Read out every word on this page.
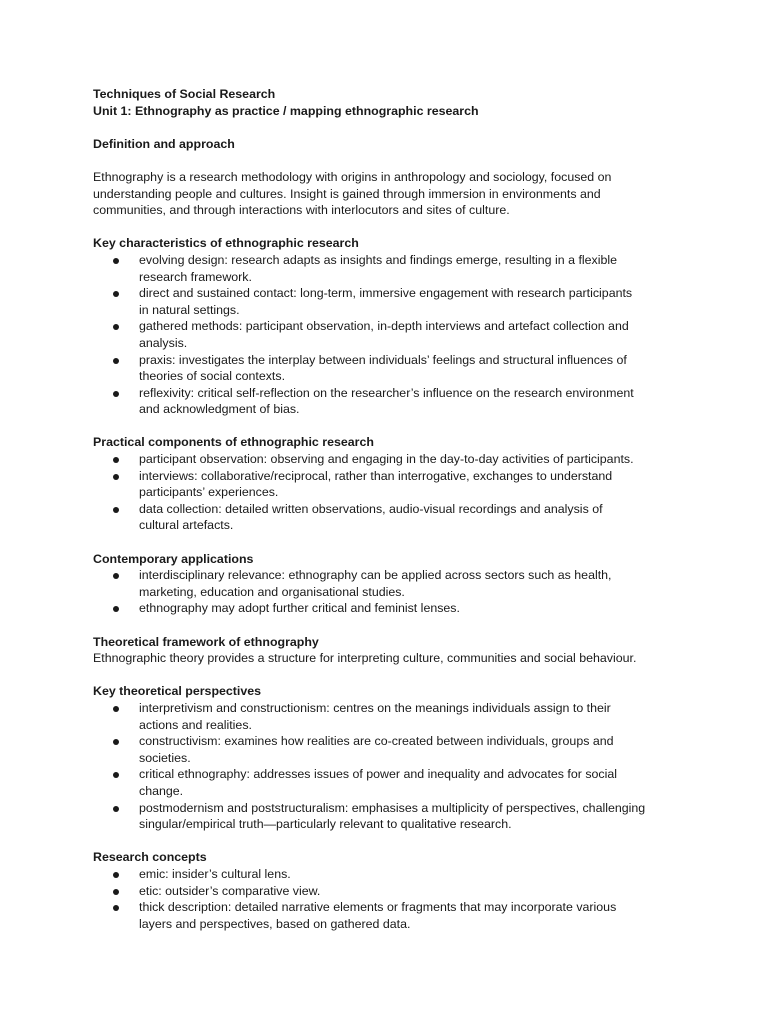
Techniques of Social Research

Unit 1: Ethnography as practice / mapping ethnographic research

Definition and approach

Ethnography is a research methodology with origins in anthropology and sociology, focused on

understanding people and cultures. Insight is gained through immersion in environments and

communities, and through interactions with interlocutors and sites of culture.

Key characteristics of ethnographic research

evolving design: research adapts as insights and findings emerge, resulting in a flexible
research framework.
direct and sustained contact: long-term, immersive engagement with research participants
in natural settings.
gathered methods: participant observation, in-depth interviews and artefact collection and
analysis.
praxis: investigates the interplay between individuals’ feelings and structural influences of
theories of social contexts.
reflexivity: critical self-reflection on the researcher’s influence on the research environment
and acknowledgment of bias.

Practical components of ethnographic research

participant observation: observing and engaging in the day-to-day activities of participants.
interviews: collaborative/reciprocal, rather than interrogative, exchanges to understand
participants’ experiences.
data collection: detailed written observations, audio-visual recordings and analysis of
cultural artefacts.

Contemporary applications

interdisciplinary relevance: ethnography can be applied across sectors such as health,
marketing, education and organisational studies.
ethnography may adopt further critical and feminist lenses.

Theoretical framework of ethnography

Ethnographic theory provides a structure for interpreting culture, communities and social behaviour.

Key theoretical perspectives

interpretivism and constructionism: centres on the meanings individuals assign to their
actions and realities.
constructivism: examines how realities are co-created between individuals, groups and
societies.
critical ethnography: addresses issues of power and inequality and advocates for social
change.
postmodernism and poststructuralism: emphasises a multiplicity of perspectives, challenging
singular/empirical truth—particularly relevant to qualitative research.

Research concepts

emic: insider’s cultural lens.
etic: outsider’s comparative view.
thick description: detailed narrative elements or fragments that may incorporate various
layers and perspectives, based on gathered data.
